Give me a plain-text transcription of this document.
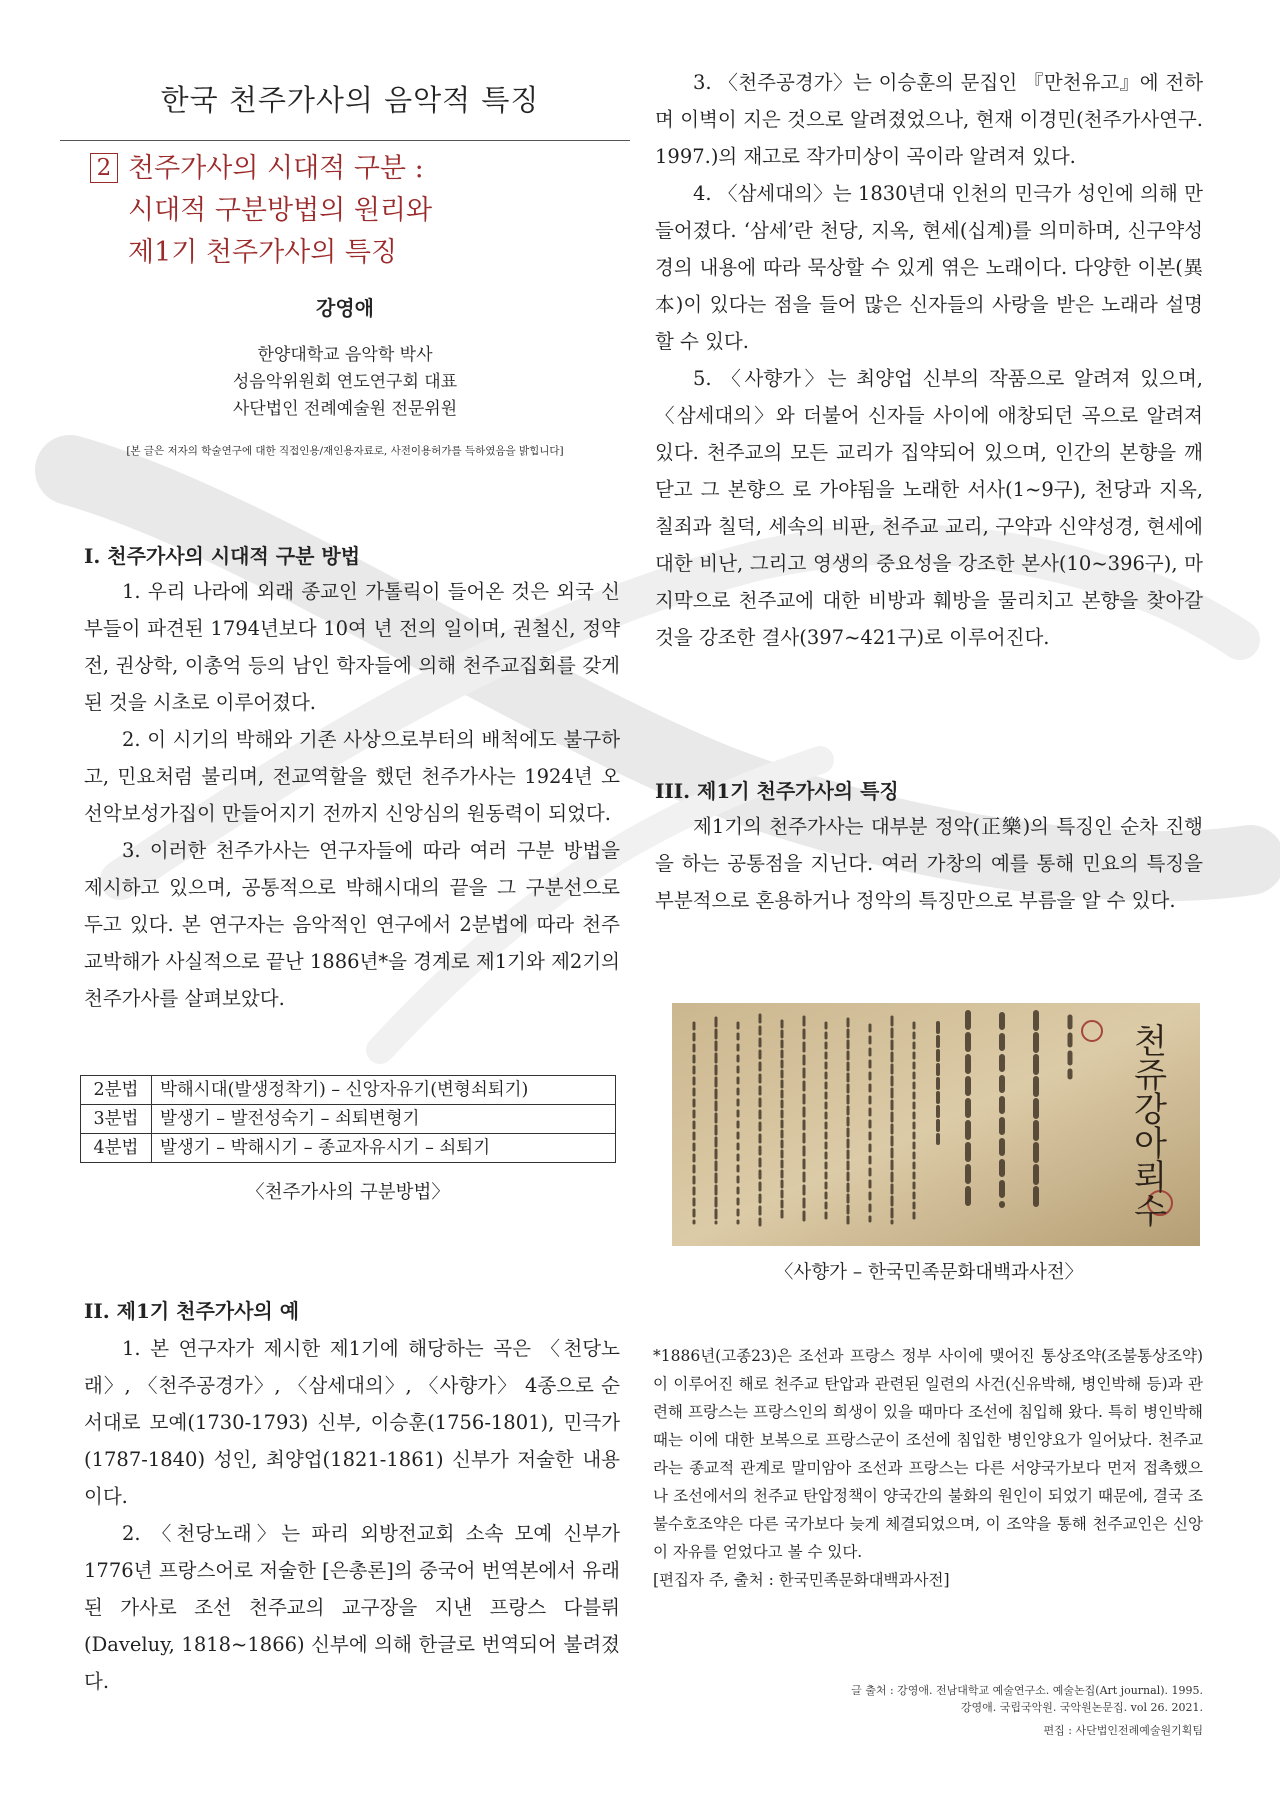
한국 천주가사의 음악적 특징
2 천주가사의 시대적 구분 :
시대적 구분방법의 원리와
제1기 천주가사의 특징
강영애
한양대학교 음악학 박사
성음악위원회 연도연구회 대표
사단법인 전례예술원 전문위원
[본 글은 저자의 학술연구에 대한 직접인용/재인용자료로, 사전이용허가를 득하였음을 밝힙니다]
I. 천주가사의 시대적 구분 방법

1. 우리 나라에 외래 종교인 가톨릭이 들어온 것은 외국 신부들이 파견된 1794년보다 10여 년 전의 일이며, 권철신, 정약전, 권상학, 이총억 등의 남인 학자들에 의해 천주교집회를 갖게 된 것을 시초로 이루어졌다.

2. 이 시기의 박해와 기존 사상으로부터의 배척에도 불구하고, 민요처럼 불리며, 전교역할을 했던 천주가사는 1924년 오선악보성가집이 만들어지기 전까지 신앙심의 원동력이 되었다.

3. 이러한 천주가사는 연구자들에 따라 여러 구분 방법을 제시하고 있으며, 공통적으로 박해시대의 끝을 그 구분선으로 두고 있다. 본 연구자는 음악적인 연구에서 2분법에 따라 천주교박해가 사실적으로 끝난 1886년*을 경계로 제1기와 제2기의 천주가사를 살펴보았다.

2분법	박해시대(발생정착기) – 신앙자유기(변형쇠퇴기)
3분법	발생기 – 발전성숙기 – 쇠퇴변형기
4분법	발생기 – 박해시기 – 종교자유시기 – 쇠퇴기
〈천주가사의 구분방법〉
II. 제1기 천주가사의 예

1. 본 연구자가 제시한 제1기에 해당하는 곡은 〈천당노래〉, 〈천주공경가〉, 〈삼세대의〉, 〈사향가〉 4종으로 순서대로 모예(1730-1793) 신부, 이승훈(1756-1801), 민극가(1787-1840) 성인, 최양업(1821-1861) 신부가 저술한 내용이다.

2. 〈천당노래〉는 파리 외방전교회 소속 모예 신부가 1776년 프랑스어로 저술한 [은총론]의 중국어 번역본에서 유래된 가사로 조선 천주교의 교구장을 지낸 프랑스 다블뤼(Daveluy, 1818~1866) 신부에 의해 한글로 번역되어 불려졌다.

3. 〈천주공경가〉는 이승훈의 문집인 『만천유고』에 전하며 이벽이 지은 것으로 알려졌었으나, 현재 이경민(천주가사연구. 1997.)의 재고로 작가미상이 곡이라 알려져 있다.

4. 〈삼세대의〉는 1830년대 인천의 민극가 성인에 의해 만들어졌다. ‘삼세’란 천당, 지옥, 현세(십계)를 의미하며, 신구약성경의 내용에 따라 묵상할 수 있게 엮은 노래이다. 다양한 이본(異本)이 있다는 점을 들어 많은 신자들의 사랑을 받은 노래라 설명할 수 있다.

5. 〈사향가〉는 최양업 신부의 작품으로 알려져 있으며, 〈삼세대의〉와 더불어 신자들 사이에 애창되던 곡으로 알려져 있다. 천주교의 모든 교리가 집약되어 있으며, 인간의 본향을 깨닫고 그 본향으 로 가야됨을 노래한 서사(1~9구), 천당과 지옥, 칠죄과 칠덕, 세속의 비판, 천주교 교리, 구약과 신약성경, 현세에 대한 비난, 그리고 영생의 중요성을 강조한 본사(10~396구), 마지막으로 천주교에 대한 비방과 훼방을 물리치고 본향을 찾아갈 것을 강조한 결사(397~421구)로 이루어진다.

III. 제1기 천주가사의 특징

제1기의 천주가사는 대부분 정악(正樂)의 특징인 순차 진행을 하는 공통점을 지닌다. 여러 가창의 예를 통해 민요의 특징을 부분적으로 혼용하거나 정악의 특징만으로 부름을 알 수 있다.

천쥬강아뢰수
〈사향가 – 한국민족문화대백과사전〉

*1886년(고종23)은 조선과 프랑스 정부 사이에 맺어진 통상조약(조불통상조약)이 이루어진 해로 천주교 탄압과 관련된 일련의 사건(신유박해, 병인박해 등)과 관련해 프랑스는 프랑스인의 희생이 있을 때마다 조선에 침입해 왔다. 특히 병인박해 때는 이에 대한 보복으로 프랑스군이 조선에 침입한 병인양요가 일어났다. 천주교라는 종교적 관계로 말미암아 조선과 프랑스는 다른 서양국가보다 먼저 접촉했으나 조선에서의 천주교 탄압정책이 양국간의 불화의 원인이 되었기 때문에, 결국 조불수호조약은 다른 국가보다 늦게 체결되었으며, 이 조약을 통해 천주교인은 신앙이 자유를 얻었다고 볼 수 있다.

[편집자 주, 출처 : 한국민족문화대백과사전]

글 출처 : 강영애. 전남대학교 예술연구소. 예술논집(Art journal). 1995.
강영애. 국립국악원. 국악원논문집. vol 26. 2021.
편집 : 사단법인전례예술원기획팀
